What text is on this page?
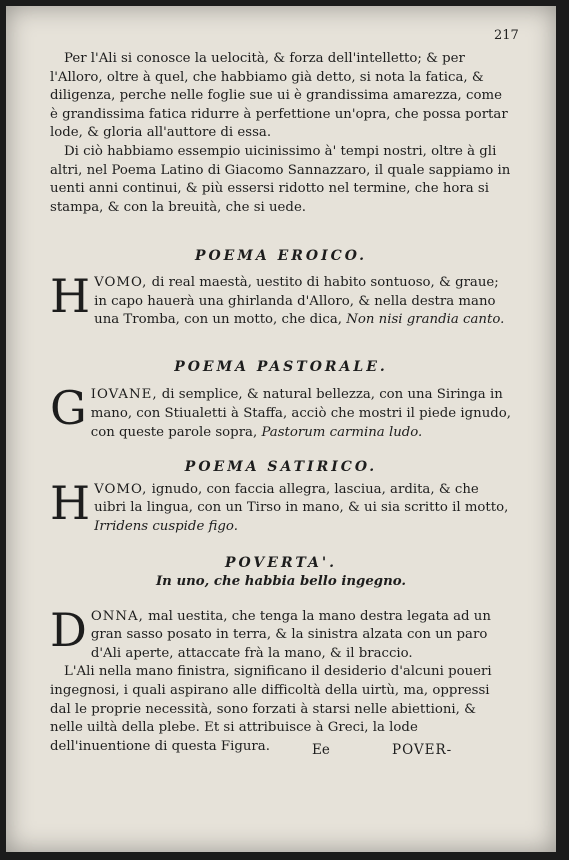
217

Per l'Ali si conosce la uelocità, & forza dell'intelletto; & per l'Alloro, oltre à quel, che habbiamo già detto, si nota la fatica, & diligenza, perche nelle foglie sue ui è grandissima amarezza, come è grandissima fatica ridurre à perfettione un'opra, che possa portar lode, & gloria all'auttore di essa.

Di ciò habbiamo essempio uicinissimo à' tempi nostri, oltre à gli altri, nel Poema Latino di Giacomo Sannazzaro, il quale sappiamo in uenti anni continui, & più essersi ridotto nel termine, che hora si stampa, & con la breuità, che si uede.

POEMA EROICO.

HVOMO, di real maestà, uestito di habito sontuoso, & graue; in capo hauerà una ghirlanda d'Alloro, & nella destra mano una Tromba, con un motto, che dica, Non nisi grandia canto.

POEMA PASTORALE.

GIOVANE, di semplice, & natural bellezza, con una Siringa in mano, con Stiualetti à Staffa, acciò che mostri il piede ignudo, con queste parole sopra, Pastorum carmina ludo.

POEMA SATIRICO.

HVOMO, ignudo, con faccia allegra, lasciua, ardita, & che uibri la lingua, con un Tirso in mano, & ui sia scritto il motto, Irridens cuspide figo.

POVERTA'.

In uno, che habbia bello ingegno.

DONNA, mal uestita, che tenga la mano destra legata ad un gran sasso posato in terra, & la sinistra alzata con un paro d'Ali aperte, attaccate frà la mano, & il braccio.

L'Ali nella mano finistra, significano il desiderio d'alcuni poueri ingegnosi, i quali aspirano alle difficoltà della uirtù, ma, oppressi dal le proprie necessità, sono forzati à starsi nelle abiettioni, & nelle uiltà della plebe. Et si attribuisce à Greci, la lode dell'inuentione di questa Figura.	Ee	POVER-
